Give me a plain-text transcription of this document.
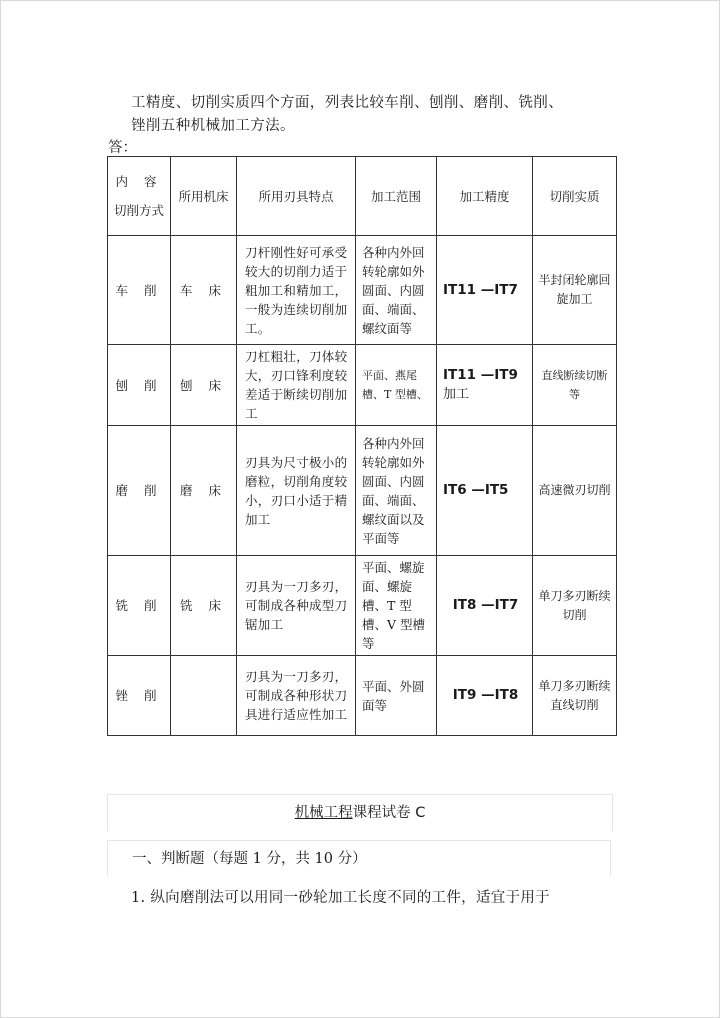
工精度、切削实质四个方面，列表比较车削、刨削、磨削、铣削、

锉削五种机械加工方法。

答：
内 容
切削方式	所用机床	所用刃具特点	加工范围	加工精度	切削实质
车 削	车 床	刀杆刚性好可承受较大的切削力适于粗加工和精加工，一般为连续切削加工。	各种内外回转轮廓如外圆面、内圆面、端面、螺纹面等	IT11 —IT7	半封闭轮廓回旋加工
刨 削	刨 床	刀杠粗壮，刀体较大，刃口锋利度较差适于断续切削加工	平面、燕尾槽、T 型槽、	IT11 —IT9 加工	直线断续切断等
磨 削	磨 床	刃具为尺寸极小的磨粒，切削角度较小，刃口小适于精加工	各种内外回转轮廓如外圆面、内圆面、端面、螺纹面以及平面等	IT6 —IT5	高速微刃切削
铣 削	铣 床	刃具为一刀多刃，可制成各种成型刀锯加工	平面、螺旋面、螺旋槽、T 型槽、V 型槽等	IT8 —IT7	单刀多刃断续切削
锉 削		刃具为一刀多刃，可制成各种形状刀具进行适应性加工	平面、外圆面等	IT9 —IT8	单刀多刃断续直线切削
机械工程课程试卷 C
一、判断题（每题 1 分，共 10 分）
1. 纵向磨削法可以用同一砂轮加工长度不同的工件，适宜于用于
